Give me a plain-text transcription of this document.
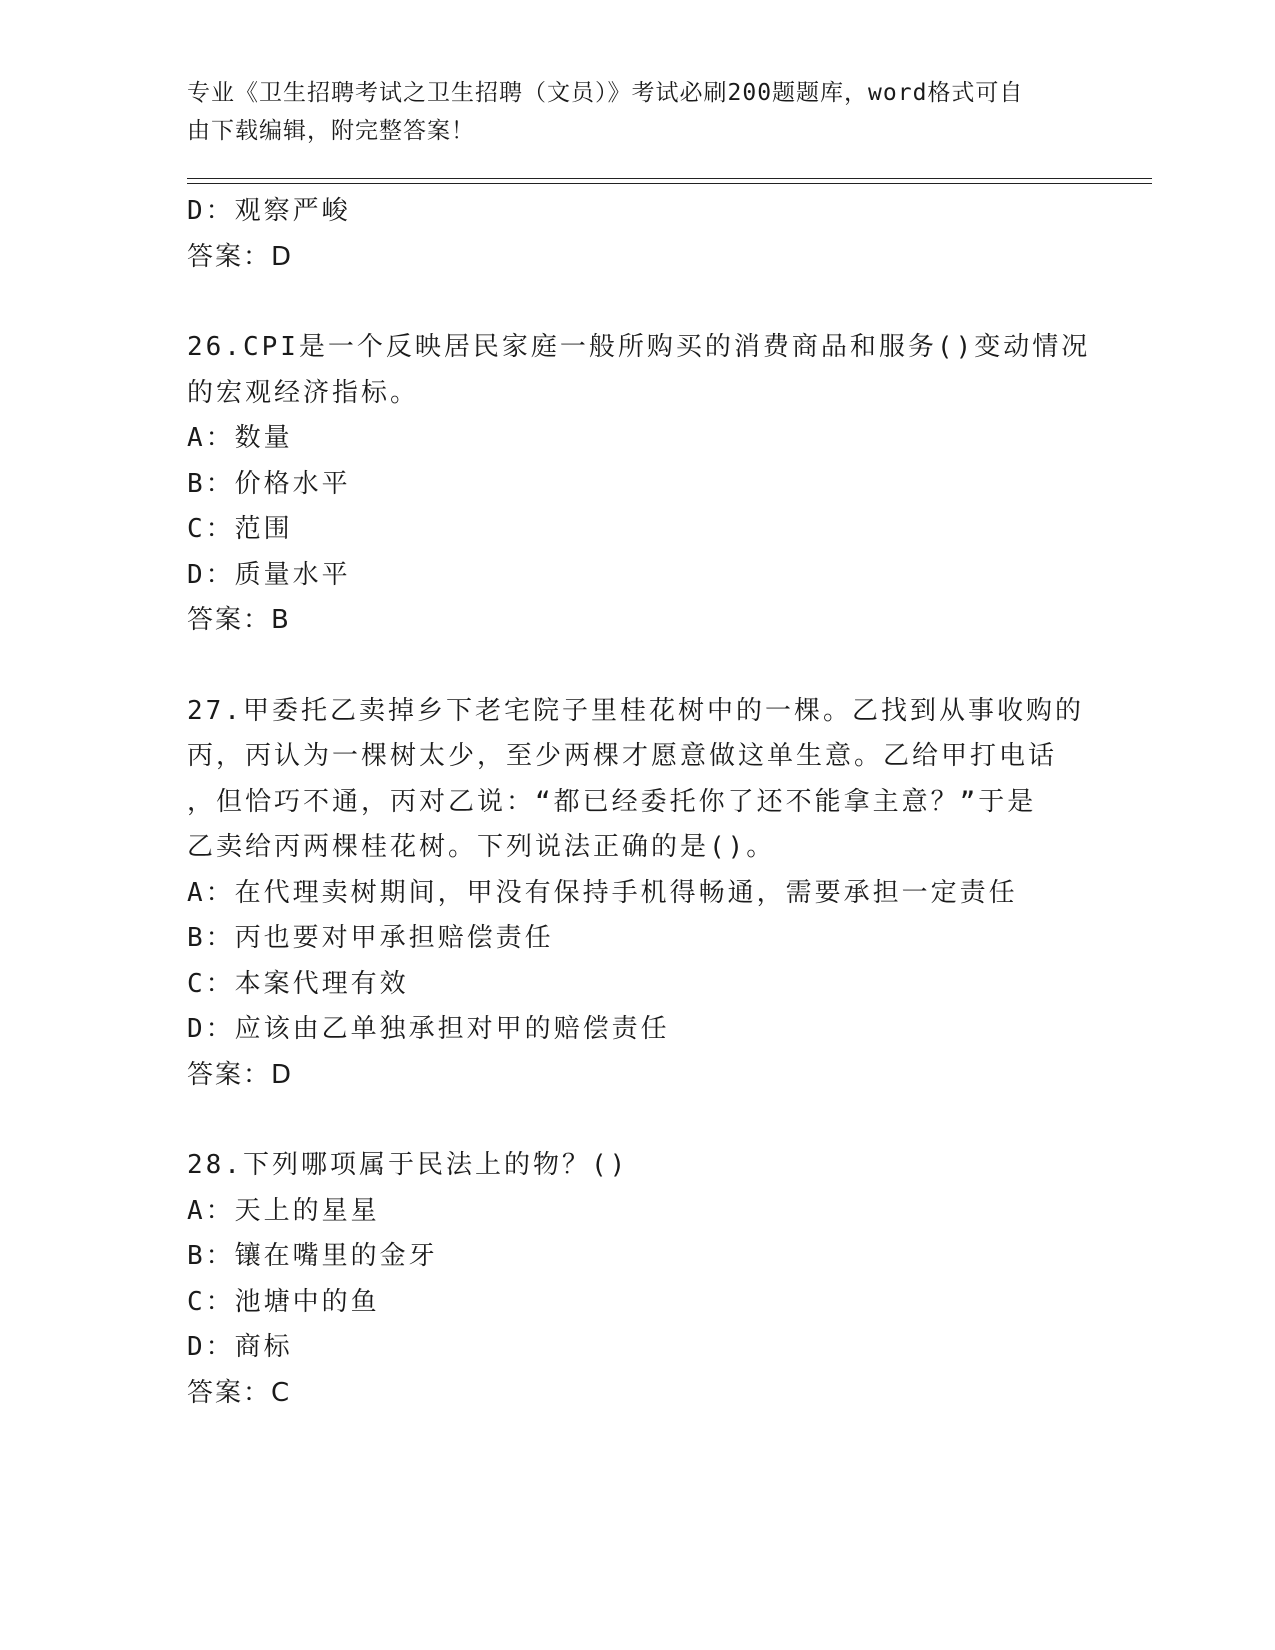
专业《卫生招聘考试之卫生招聘（文员）》考试必刷200题题库，word格式可自
由下载编辑，附完整答案！
D：观察严峻
答案：D
26.CPI是一个反映居民家庭一般所购买的消费商品和服务()变动情况
的宏观经济指标。
A：数量
B：价格水平
C：范围
D：质量水平
答案：B
27.甲委托乙卖掉乡下老宅院子里桂花树中的一棵。乙找到从事收购的
丙，丙认为一棵树太少，至少两棵才愿意做这单生意。乙给甲打电话
，但恰巧不通，丙对乙说：“都已经委托你了还不能拿主意？”于是
乙卖给丙两棵桂花树。下列说法正确的是()。
A：在代理卖树期间，甲没有保持手机得畅通，需要承担一定责任
B：丙也要对甲承担赔偿责任
C：本案代理有效
D：应该由乙单独承担对甲的赔偿责任
答案：D
28.下列哪项属于民法上的物？()
A：天上的星星
B：镶在嘴里的金牙
C：池塘中的鱼
D：商标
答案：C
